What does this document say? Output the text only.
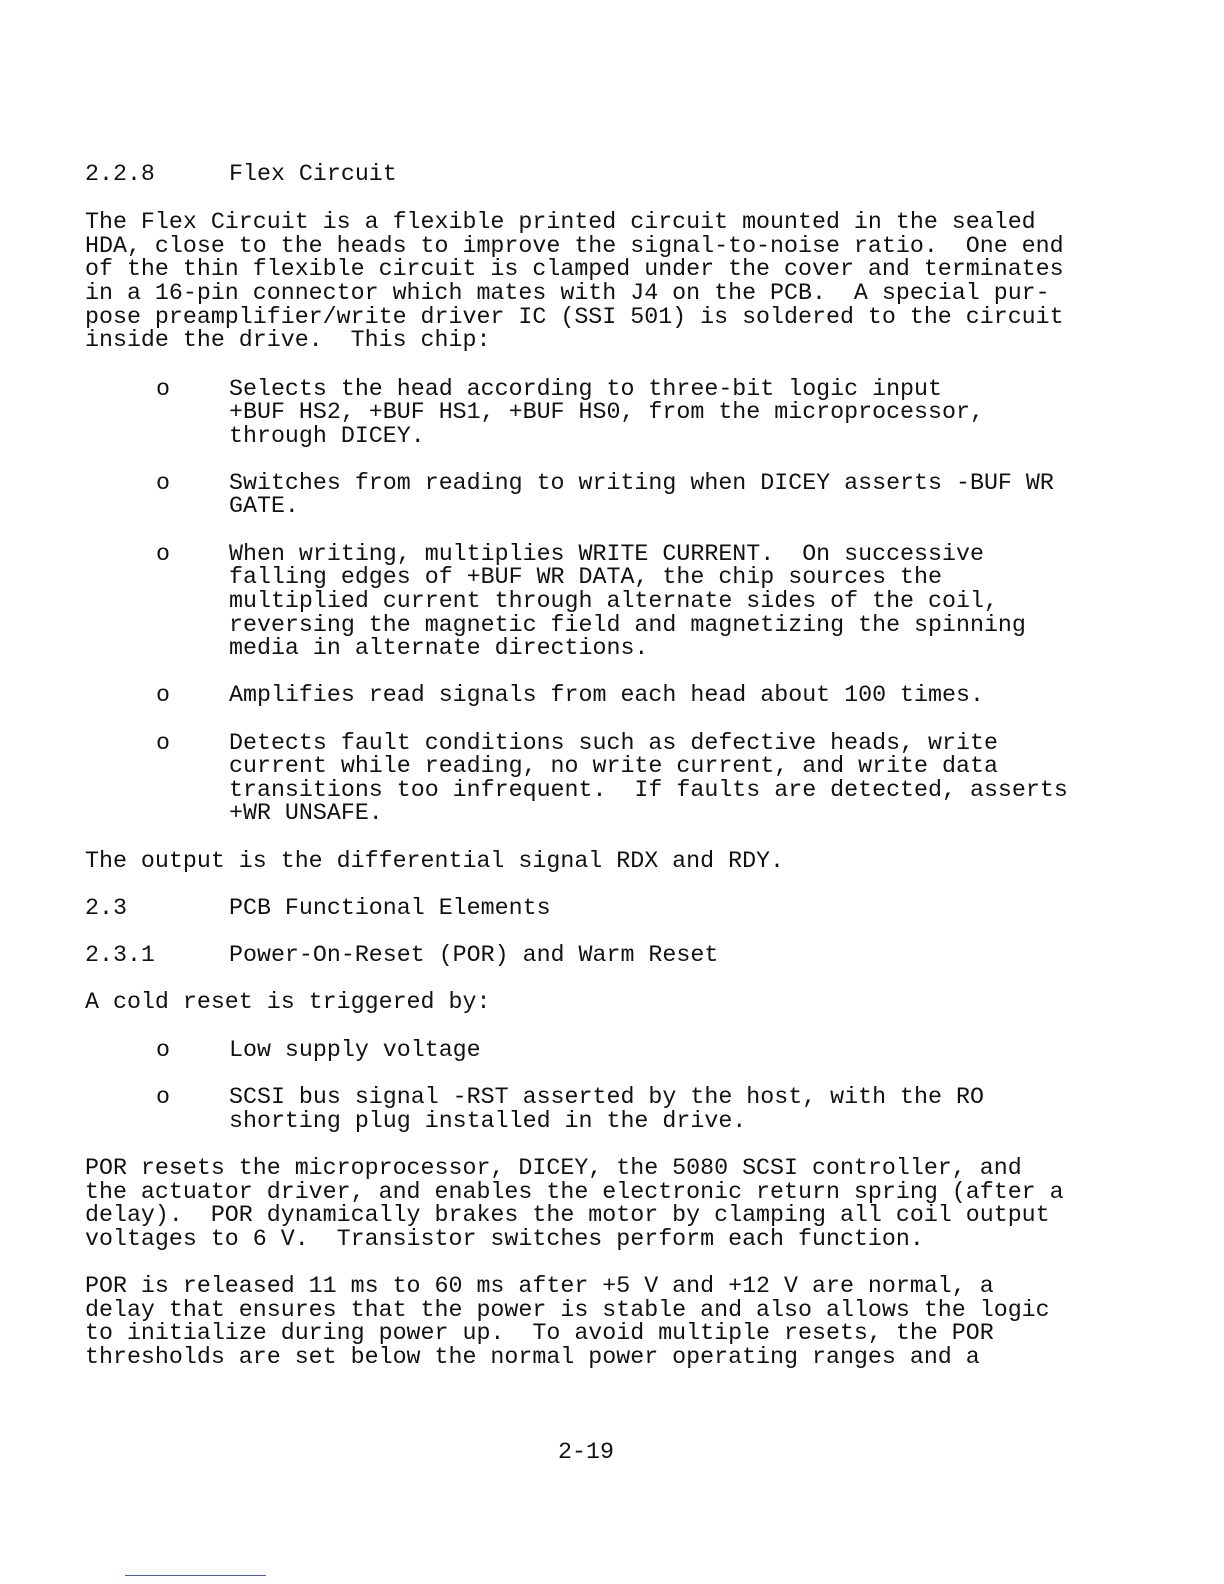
2.2.8	Flex Circuit
The Flex Circuit is a flexible printed circuit mounted in the sealed
HDA, close to the heads to improve the signal-to-noise ratio.  One end
of the thin flexible circuit is clamped under the cover and terminates
in a 16-pin connector which mates with J4 on the PCB.  A special pur-
pose preamplifier/write driver IC (SSI 501) is soldered to the circuit
inside the drive.  This chip:
o	Selects the head according to three-bit logic input
+BUF HS2, +BUF HS1, +BUF HS0, from the microprocessor,
through DICEY.
o	Switches from reading to writing when DICEY asserts -BUF WR
GATE.
o	When writing, multiplies WRITE CURRENT.  On successive
falling edges of +BUF WR DATA, the chip sources the
multiplied current through alternate sides of the coil,
reversing the magnetic field and magnetizing the spinning
media in alternate directions.
o	Amplifies read signals from each head about 100 times.
o	Detects fault conditions such as defective heads, write
current while reading, no write current, and write data
transitions too infrequent.  If faults are detected, asserts
+WR UNSAFE.
The output is the differential signal RDX and RDY.
2.3	PCB Functional Elements
2.3.1	Power-On-Reset (POR) and Warm Reset
A cold reset is triggered by:
o	Low supply voltage
o	SCSI bus signal -RST asserted by the host, with the RO
shorting plug installed in the drive.
POR resets the microprocessor, DICEY, the 5080 SCSI controller, and
the actuator driver, and enables the electronic return spring (after a
delay).  POR dynamically brakes the motor by clamping all coil output
voltages to 6 V.  Transistor switches perform each function.
POR is released 11 ms to 60 ms after +5 V and +12 V are normal, a
delay that ensures that the power is stable and also allows the logic
to initialize during power up.  To avoid multiple resets, the POR
thresholds are set below the normal power operating ranges and a
2-19
